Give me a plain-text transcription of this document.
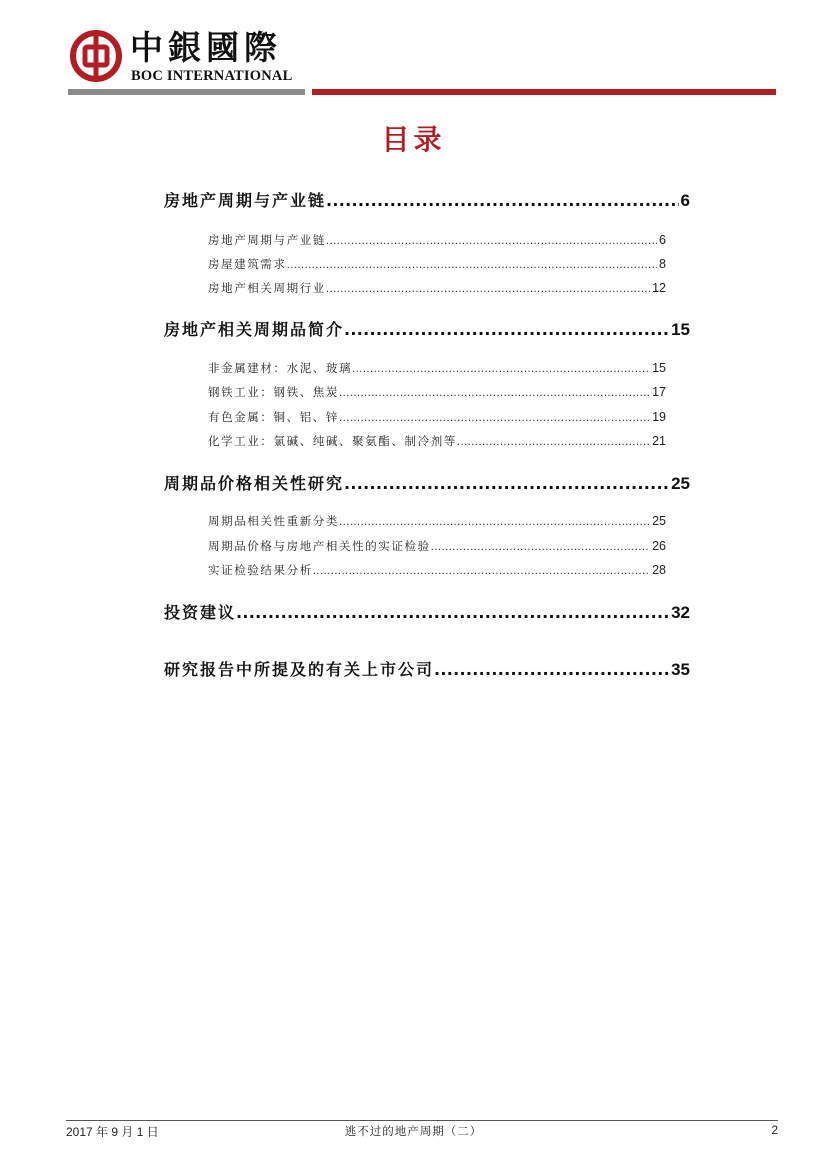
中銀國際
BOC INTERNATIONAL
目录
房地产周期与产业链 .....	6
房地产周期与产业链 .....	6
房屋建筑需求 .....	8
房地产相关周期行业 .....	12
房地产相关周期品简介 .....	15
非金属建材：水泥、玻璃 .....	15
钢铁工业：钢铁、焦炭 .....	17
有色金属：铜、铝、锌 .....	19
化学工业：氯碱、纯碱、聚氨酯、制冷剂等 .....	21
周期品价格相关性研究 .....	25
周期品相关性重新分类 .....	25
周期品价格与房地产相关性的实证检验 .....	26
实证检验结果分析 .....	28
投资建议 .....	32
研究报告中所提及的有关上市公司 .....	35
2017 年 9 月 1 日	逃不过的地产周期（二）	2
